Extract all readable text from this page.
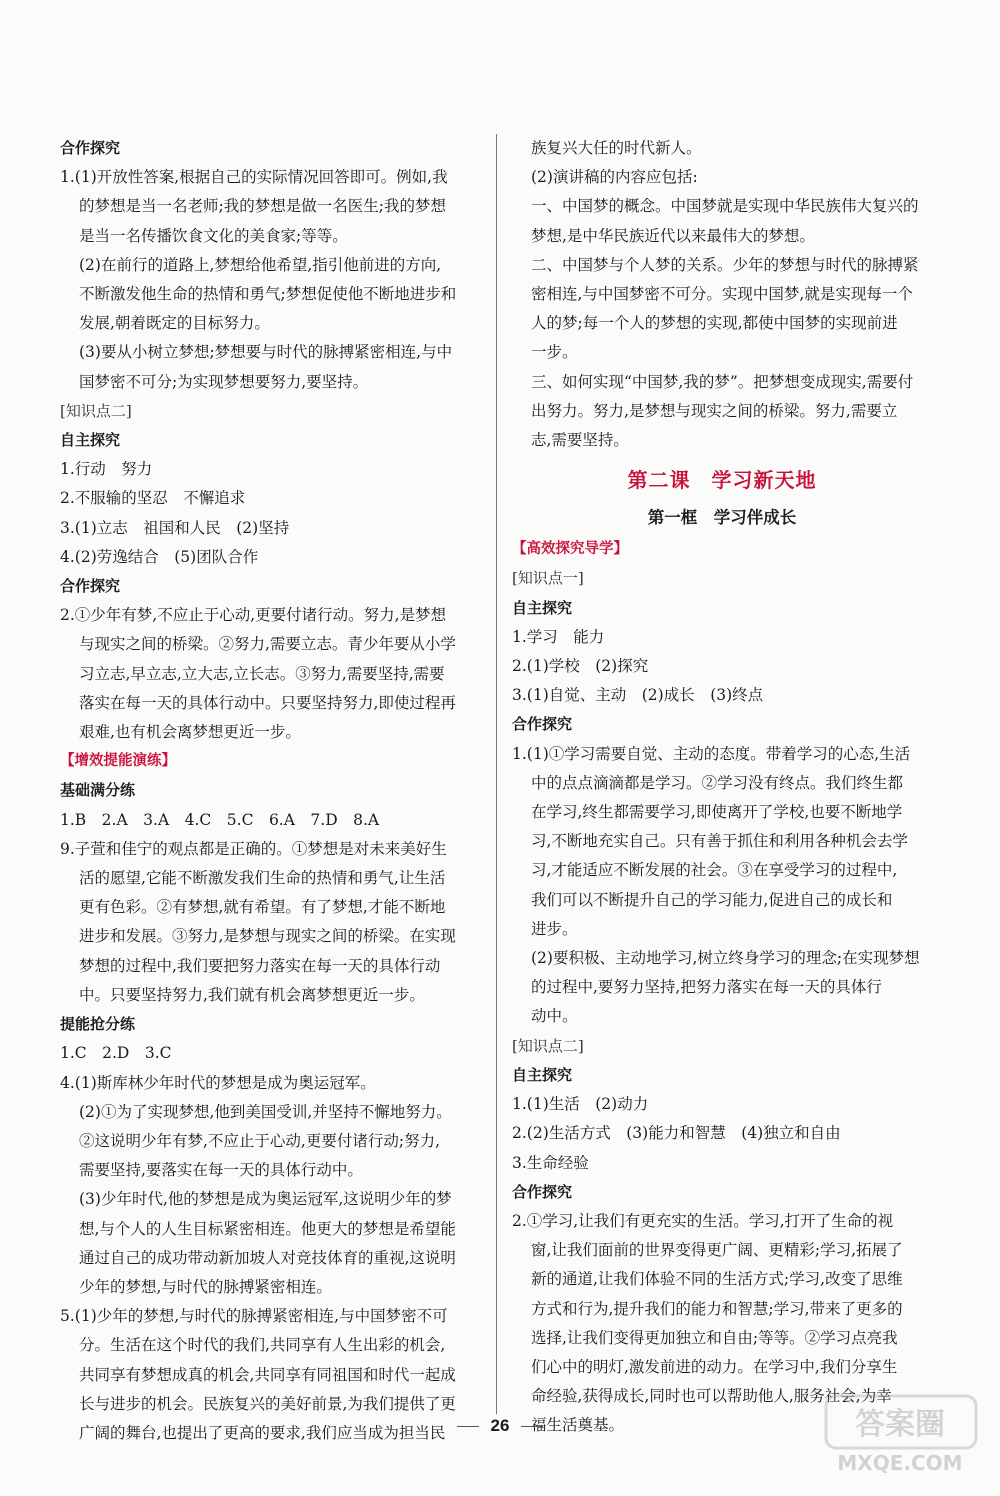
合作探究
1.(1)开放性答案,根据自己的实际情况回答即可。例如,我
的梦想是当一名老师;我的梦想是做一名医生;我的梦想
是当一名传播饮食文化的美食家;等等。
(2)在前行的道路上,梦想给他希望,指引他前进的方向,
不断激发他生命的热情和勇气;梦想促使他不断地进步和
发展,朝着既定的目标努力。
(3)要从小树立梦想;梦想要与时代的脉搏紧密相连,与中
国梦密不可分;为实现梦想要努力,要坚持。
[知识点二]
自主探究
1.行动　努力
2.不服输的坚忍　不懈追求
3.(1)立志　祖国和人民　(2)坚持
4.(2)劳逸结合　(5)团队合作
合作探究
2.①少年有梦,不应止于心动,更要付诸行动。努力,是梦想
与现实之间的桥梁。②努力,需要立志。青少年要从小学
习立志,早立志,立大志,立长志。③努力,需要坚持,需要
落实在每一天的具体行动中。只要坚持努力,即使过程再
艰难,也有机会离梦想更近一步。
【增效提能演练】
基础满分练
1.B　2.A　3.A　4.C　5.C　6.A　7.D　8.A
9.子萱和佳宁的观点都是正确的。①梦想是对未来美好生
活的愿望,它能不断激发我们生命的热情和勇气,让生活
更有色彩。②有梦想,就有希望。有了梦想,才能不断地
进步和发展。③努力,是梦想与现实之间的桥梁。在实现
梦想的过程中,我们要把努力落实在每一天的具体行动
中。只要坚持努力,我们就有机会离梦想更近一步。
提能抢分练
1.C　2.D　3.C
4.(1)斯库林少年时代的梦想是成为奥运冠军。
(2)①为了实现梦想,他到美国受训,并坚持不懈地努力。
②这说明少年有梦,不应止于心动,更要付诸行动;努力,
需要坚持,要落实在每一天的具体行动中。
(3)少年时代,他的梦想是成为奥运冠军,这说明少年的梦
想,与个人的人生目标紧密相连。他更大的梦想是希望能
通过自己的成功带动新加坡人对竞技体育的重视,这说明
少年的梦想,与时代的脉搏紧密相连。
5.(1)少年的梦想,与时代的脉搏紧密相连,与中国梦密不可
分。生活在这个时代的我们,共同享有人生出彩的机会,
共同享有梦想成真的机会,共同享有同祖国和时代一起成
长与进步的机会。民族复兴的美好前景,为我们提供了更
广阔的舞台,也提出了更高的要求,我们应当成为担当民
族复兴大任的时代新人。
(2)演讲稿的内容应包括:
一、中国梦的概念。中国梦就是实现中华民族伟大复兴的
梦想,是中华民族近代以来最伟大的梦想。
二、中国梦与个人梦的关系。少年的梦想与时代的脉搏紧
密相连,与中国梦密不可分。实现中国梦,就是实现每一个
人的梦;每一个人的梦想的实现,都使中国梦的实现前进
一步。
三、如何实现“中国梦,我的梦”。把梦想变成现实,需要付
出努力。努力,是梦想与现实之间的桥梁。努力,需要立
志,需要坚持。
第二课　学习新天地
第一框　学习伴成长
【高效探究导学】
[知识点一]
自主探究
1.学习　能力
2.(1)学校　(2)探究
3.(1)自觉、主动　(2)成长　(3)终点
合作探究
1.(1)①学习需要自觉、主动的态度。带着学习的心态,生活
中的点点滴滴都是学习。②学习没有终点。我们终生都
在学习,终生都需要学习,即使离开了学校,也要不断地学
习,不断地充实自己。只有善于抓住和利用各种机会去学
习,才能适应不断发展的社会。③在享受学习的过程中,
我们可以不断提升自己的学习能力,促进自己的成长和
进步。
(2)要积极、主动地学习,树立终身学习的理念;在实现梦想
的过程中,要努力坚持,把努力落实在每一天的具体行
动中。
[知识点二]
自主探究
1.(1)生活　(2)动力
2.(2)生活方式　(3)能力和智慧　(4)独立和自由
3.生命经验
合作探究
2.①学习,让我们有更充实的生活。学习,打开了生命的视
窗,让我们面前的世界变得更广阔、更精彩;学习,拓展了
新的通道,让我们体验不同的生活方式;学习,改变了思维
方式和行为,提升我们的能力和智慧;学习,带来了更多的
选择,让我们变得更加独立和自由;等等。②学习点亮我
们心中的明灯,激发前进的动力。在学习中,我们分享生
命经验,获得成长,同时也可以帮助他人,服务社会,为幸
福生活奠基。
26	答案圈
MXQE.COM
